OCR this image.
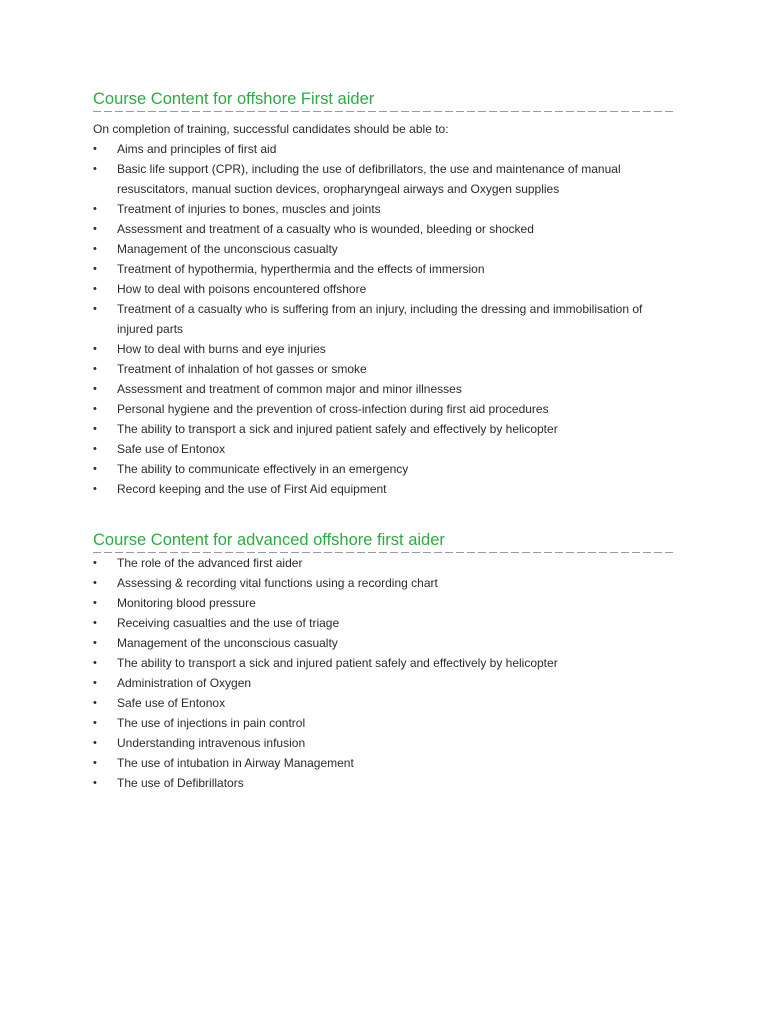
Course Content for offshore First aider

On completion of training, successful candidates should be able to:

• Aims and principles of first aid
• Basic life support (CPR), including the use of defibrillators, the use and maintenance of manual resuscitators, manual suction devices, oropharyngeal airways and Oxygen supplies
• Treatment of injuries to bones, muscles and joints
• Assessment and treatment of a casualty who is wounded, bleeding or shocked
• Management of the unconscious casualty
• Treatment of hypothermia, hyperthermia and the effects of immersion
• How to deal with poisons encountered offshore
• Treatment of a casualty who is suffering from an injury, including the dressing and immobilisation of injured parts
• How to deal with burns and eye injuries
• Treatment of inhalation of hot gasses or smoke
• Assessment and treatment of common major and minor illnesses
• Personal hygiene and the prevention of cross-infection during first aid procedures
• The ability to transport a sick and injured patient safely and effectively by helicopter
• Safe use of Entonox
• The ability to communicate effectively in an emergency
• Record keeping and the use of First Aid equipment
Course Content for advanced offshore first aider
• The role of the advanced first aider
• Assessing & recording vital functions using a recording chart
• Monitoring blood pressure
• Receiving casualties and the use of triage
• Management of the unconscious casualty
• The ability to transport a sick and injured patient safely and effectively by helicopter
• Administration of Oxygen
• Safe use of Entonox
• The use of injections in pain control
• Understanding intravenous infusion
• The use of intubation in Airway Management
• The use of Defibrillators
